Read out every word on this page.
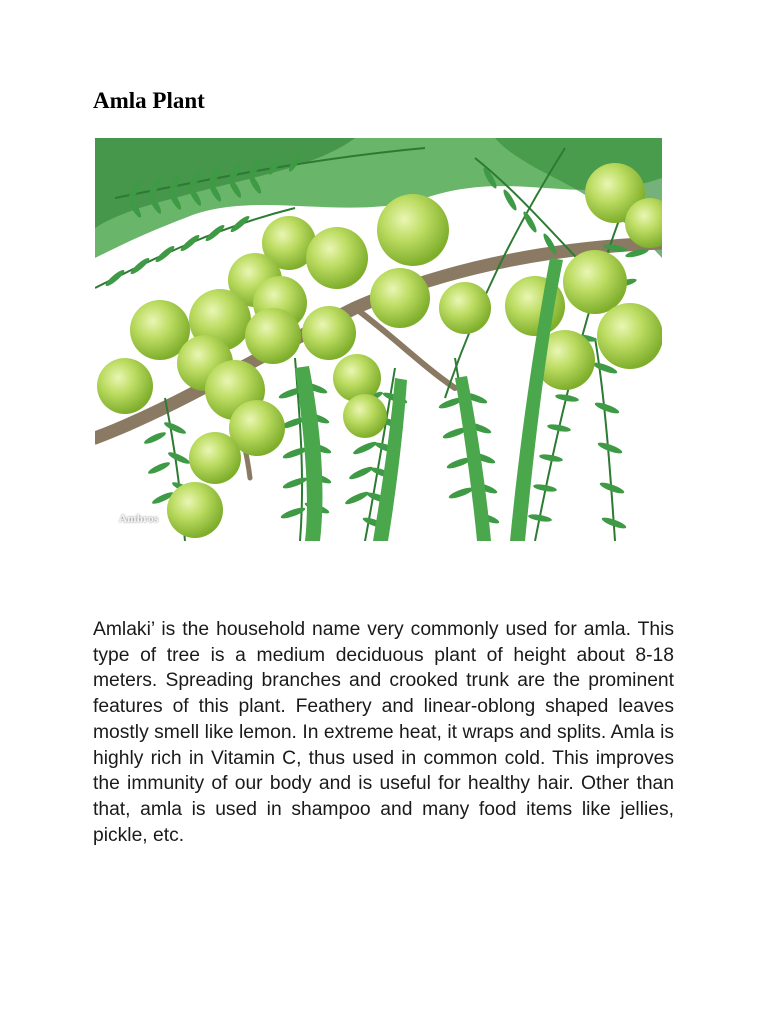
Amla Plant
Ambros

Amlaki’ is the household name very commonly used for amla. This type of tree is a medium deciduous plant of height about 8-18 meters. Spreading branches and crooked trunk are the prominent features of this plant. Feathery and linear-oblong shaped leaves mostly smell like lemon. In extreme heat, it wraps and splits. Amla is highly rich in Vitamin C, thus used in common cold. This improves the immunity of our body and is useful for healthy hair. Other than that, amla is used in shampoo and many food items like jellies, pickle, etc.
